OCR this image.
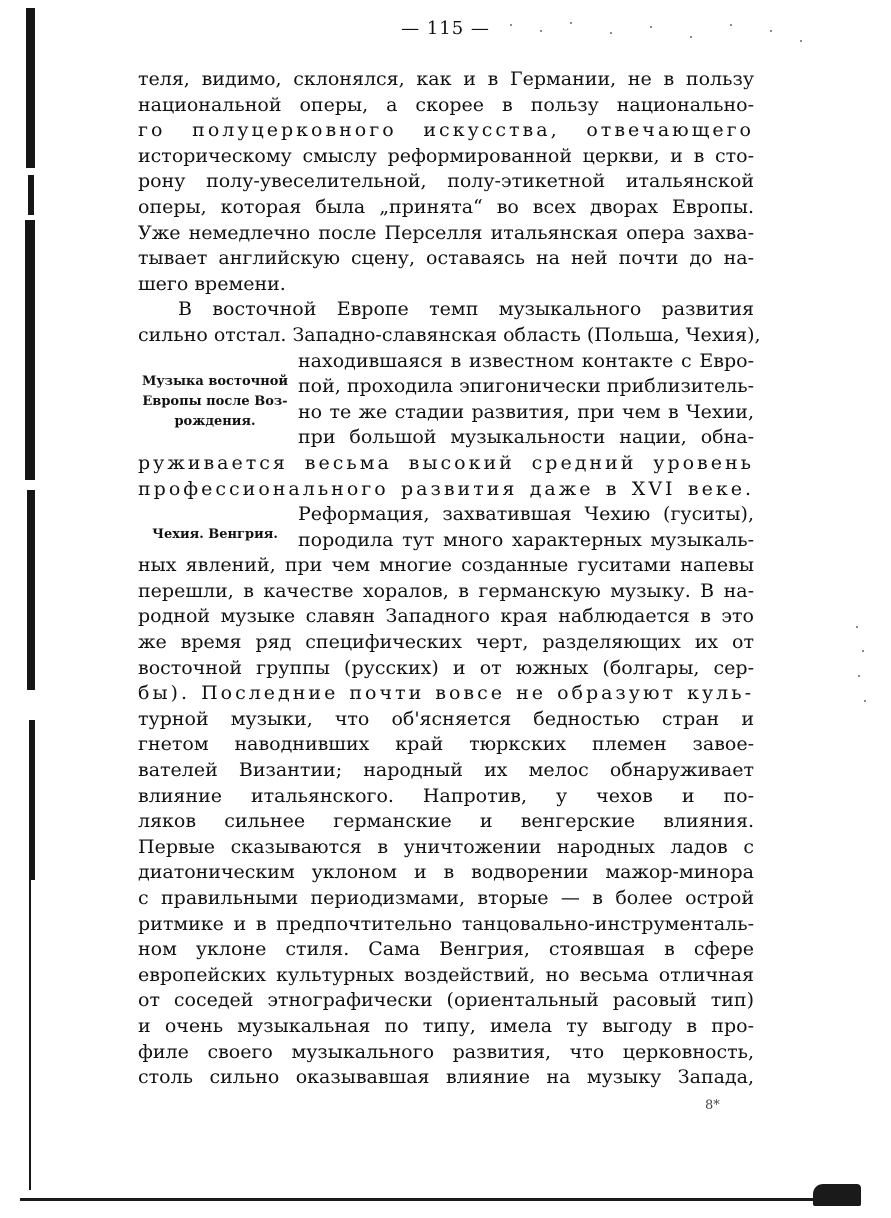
— 115 —
Музыка восточной
Европы после Воз-
рождения.
Чехия. Венгрия.
теля, видимо, склонялся, как и в Германии, не в пользу
национальной оперы, а скорее в пользу национально-
го полуцерковного искусства, отвечающего
историческому смыслу реформированной церкви, и в сто-
рону полу-увеселительной, полу-этикетной итальянской
оперы, которая была „принята“ во всех дворах Европы.
Уже немедлечно после Перселля итальянская опера захва-
тывает английскую сцену, оставаясь на ней почти до на-
шего времени.
В восточной Европе темп музыкального развития
сильно отстал. Западно-славянская область (Польша, Чехия),
находившаяся в известном контакте с Евро-
пой, проходила эпигонически приблизитель-
но те же стадии развития, при чем в Чехии,
при большой музыкальности нации, обна-
руживается весьма высокий средний уровень
профессионального развития даже в XVI веке.
Реформация, захватившая Чехию (гуситы),
породила тут много характерных музыкаль-
ных явлений, при чем многие созданные гуситами напевы
перешли, в качестве хоралов, в германскую музыку. В на-
родной музыке славян Западного края наблюдается в это
же время ряд специфических черт, разделяющих их от
восточной группы (русских) и от южных (болгары, сер-
бы). Последние почти вовсе не образуют куль-
турной музыки, что об'ясняется бедностью стран и
гнетом наводнивших край тюркских племен завое-
вателей Византии; народный их мелос обнаруживает
влияние итальянского. Напротив, у чехов и по-
ляков сильнее германские и венгерские влияния.
Первые сказываются в уничтожении народных ладов с
диатоническим уклоном и в водворении мажор-минора
с правильными периодизмами, вторые — в более острой
ритмике и в предпочтительно танцовально-инструменталь-
ном уклоне стиля. Сама Венгрия, стоявшая в сфере
европейских культурных воздействий, но весьма отличная
от соседей этнографически (ориентальный расовый тип)
и очень музыкальная по типу, имела ту выгоду в про-
филе своего музыкального развития, что церковность,
столь сильно оказывавшая влияние на музыку Запада,
8*
